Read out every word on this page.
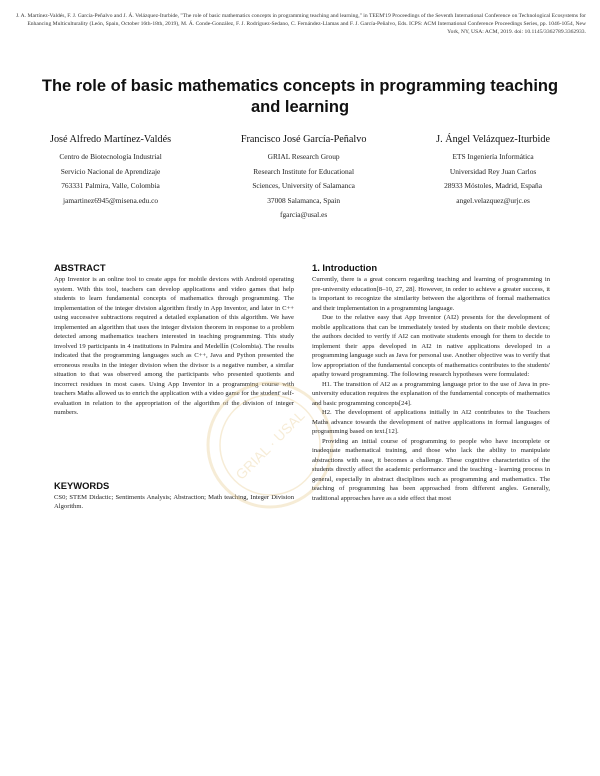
J. A. Martínez-Valdés, F. J. García-Peñalvo and J. Á. Velázquez-Iturbide, "The role of basic mathematics concepts in programming teaching and learning," in TEEM'19 Proceedings of the Seventh International Conference on Technological Ecosystems for Enhancing Multiculturality (León, Spain, October 16th-18th, 2019), M. Á. Conde-González, F. J. Rodríguez-Sedano, C. Fernández-Llamas and F. J. García-Peñalvo, Eds. ICPS: ACM International Conference Proceedings Series, pp. 1046-1054, New York, NY, USA: ACM, 2019. doi: 10.1145/3362789.3362933.
The role of basic mathematics concepts in programming teaching and learning
José Alfredo Martínez-Valdés
Centro de Biotecnología Industrial
Servicio Nacional de Aprendizaje
763331 Palmira, Valle, Colombia
jamartinez6945@misena.edu.co
Francisco José García-Peñalvo
GRIAL Research Group
Research Institute for Educational
Sciences, University of Salamanca
37008 Salamanca, Spain
fgarcia@usal.es
J. Ángel Velázquez-Iturbide
ETS Ingeniería Informática
Universidad Rey Juan Carlos
28933 Móstoles, Madrid, España
angel.velazquez@urjc.es
ABSTRACT

App Inventor is an online tool to create apps for mobile devices with Android operating system. With this tool, teachers can develop applications and video games that help students to learn fundamental concepts of mathematics through programming. The implementation of the integer division algorithm firstly in App Inventor, and later in C++ using successive subtractions required a detailed explanation of this algorithm. We have implemented an algorithm that uses the integer division theorem in response to a problem detected among mathematics teachers interested in teaching programming. This study involved 19 participants in 4 institutions in Palmira and Medellín (Colombia). The results indicated that the programming languages such as C++, Java and Python presented the erroneous results in the integer division when the divisor is a negative number, a similar situation to that was observed among the participants who presented quotients and incorrect residues in most cases. Using App Inventor in a programming course with teachers Maths allowed us to enrich the application with a video game for the student' self-evaluation in relation to the appropriation of the algorithm of the division of integer numbers.

KEYWORDS

CS0; STEM Didactic; Sentiments Analysis; Abstraction; Math teaching, Integer Division Algorithm.

GRIAL · USAL
1. Introduction

Currently, there is a great concern regarding teaching and learning of programming in pre-university education[8–10, 27, 28]. However, in order to achieve a greater success, it is important to recognize the similarity between the algorithms of formal mathematics and their implementation in a programming language.

Due to the relative easy that App Inventor (AI2) presents for the development of mobile applications that can be immediately tested by students on their mobile devices; the authors decided to verify if AI2 can motivate students enough for them to decide to implement their apps developed in AI2 in native applications developed in a programming language such as Java for personal use. Another objective was to verify that low appropriation of the fundamental concepts of mathematics contributes to the students' apathy toward programming. The following research hypotheses were formulated:

H1. The transition of AI2 as a programming language prior to the use of Java in pre-university education requires the explanation of the fundamental concepts of mathematics and basic programming concepts[24].

H2. The development of applications initially in AI2 contributes to the Teachers Maths advance towards the development of native applications in formal languages of programming based on text.[12].

Providing an initial course of programming to people who have incomplete or inadequate mathematical training, and those who lack the ability to manipulate abstractions with ease, it becomes a challenge. These cognitive characteristics of the students directly affect the academic performance and the teaching - learning process in general, especially in abstract disciplines such as programming and mathematics. The teaching of programming has been approached from different angles. Generally, traditional approaches have as a side effect that most
